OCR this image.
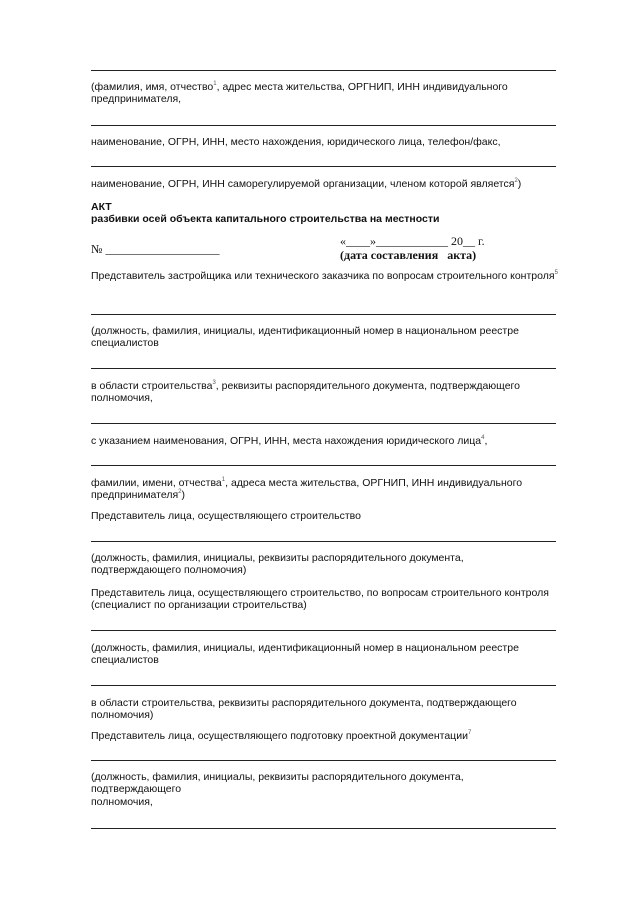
(фамилия, имя, отчество$^1$, адрес места жительства, ОРГНИП, ИНН индивидуального предпринимателя,
наименование, ОГРН, ИНН, место нахождения, юридического лица, телефон/факс,
наименование, ОГРН, ИНН саморегулируемой организации, членом которой является$^2$)
АКТ
разбивки осей объекта капитального строительства на местности
№ ___________________
«____»____________ 20__ г.
(дата составления   акта)
Представитель застройщика или технического заказчика по вопросам строительного контроля$^5$
(должность, фамилия, инициалы, идентификационный номер в национальном реестре специалистов
в области строительства$^3$, реквизиты распорядительного документа, подтверждающего полномочия,
с указанием наименования, ОГРН, ИНН, места нахождения юридического лица$^4$,
фамилии, имени, отчества$^1$, адреса места жительства, ОРГНИП, ИНН индивидуального предпринимателя$^2$)
Представитель лица, осуществляющего строительство
(должность, фамилия, инициалы, реквизиты распорядительного документа, подтверждающего полномочия)
Представитель лица, осуществляющего строительство, по вопросам строительного контроля (специалист по организации строительства)
(должность, фамилия, инициалы, идентификационный номер в национальном реестре специалистов
в области строительства, реквизиты распорядительного документа, подтверждающего полномочия)
Представитель лица, осуществляющего подготовку проектной документации$^7$
(должность, фамилия, инициалы, реквизиты распорядительного документа, подтверждающего
полномочия,
